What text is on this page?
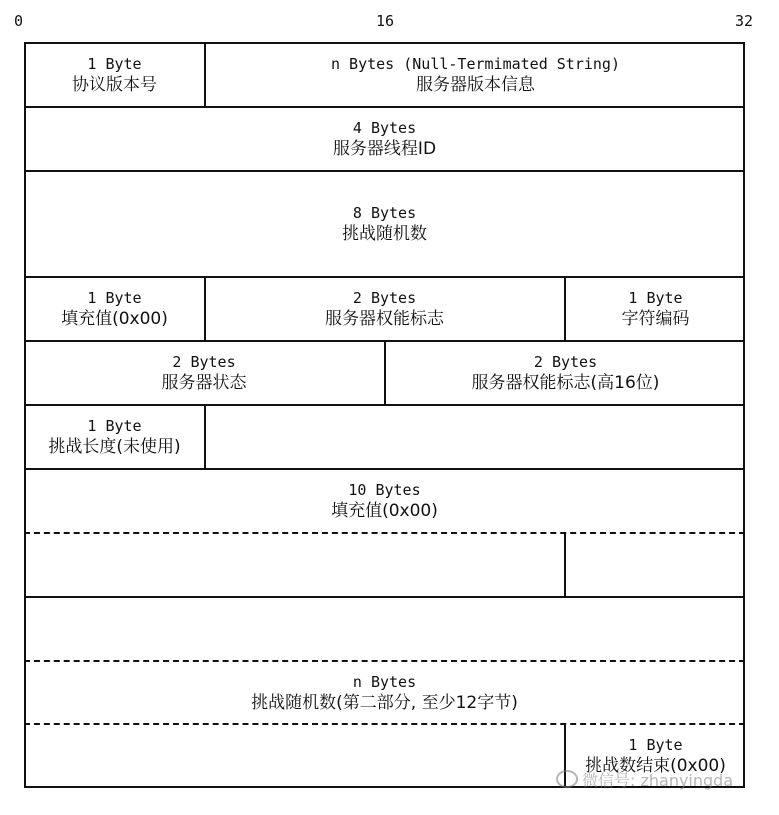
0	16	32
1 Byte
协议版本号
n Bytes (Null-Termimated String)
服务器版本信息
4 Bytes
服务器线程ID
8 Bytes
挑战随机数
1 Byte
填充值(0x00)
2 Bytes
服务器权能标志
1 Byte
字符编码
2 Bytes
服务器状态
2 Bytes
服务器权能标志(高16位)
1 Byte
挑战长度(未使用)
10 Bytes
填充值(0x00)
n Bytes
挑战随机数(第二部分, 至少12字节)
1 Byte
挑战数结束(0x00)
微信号: zhanyingda
